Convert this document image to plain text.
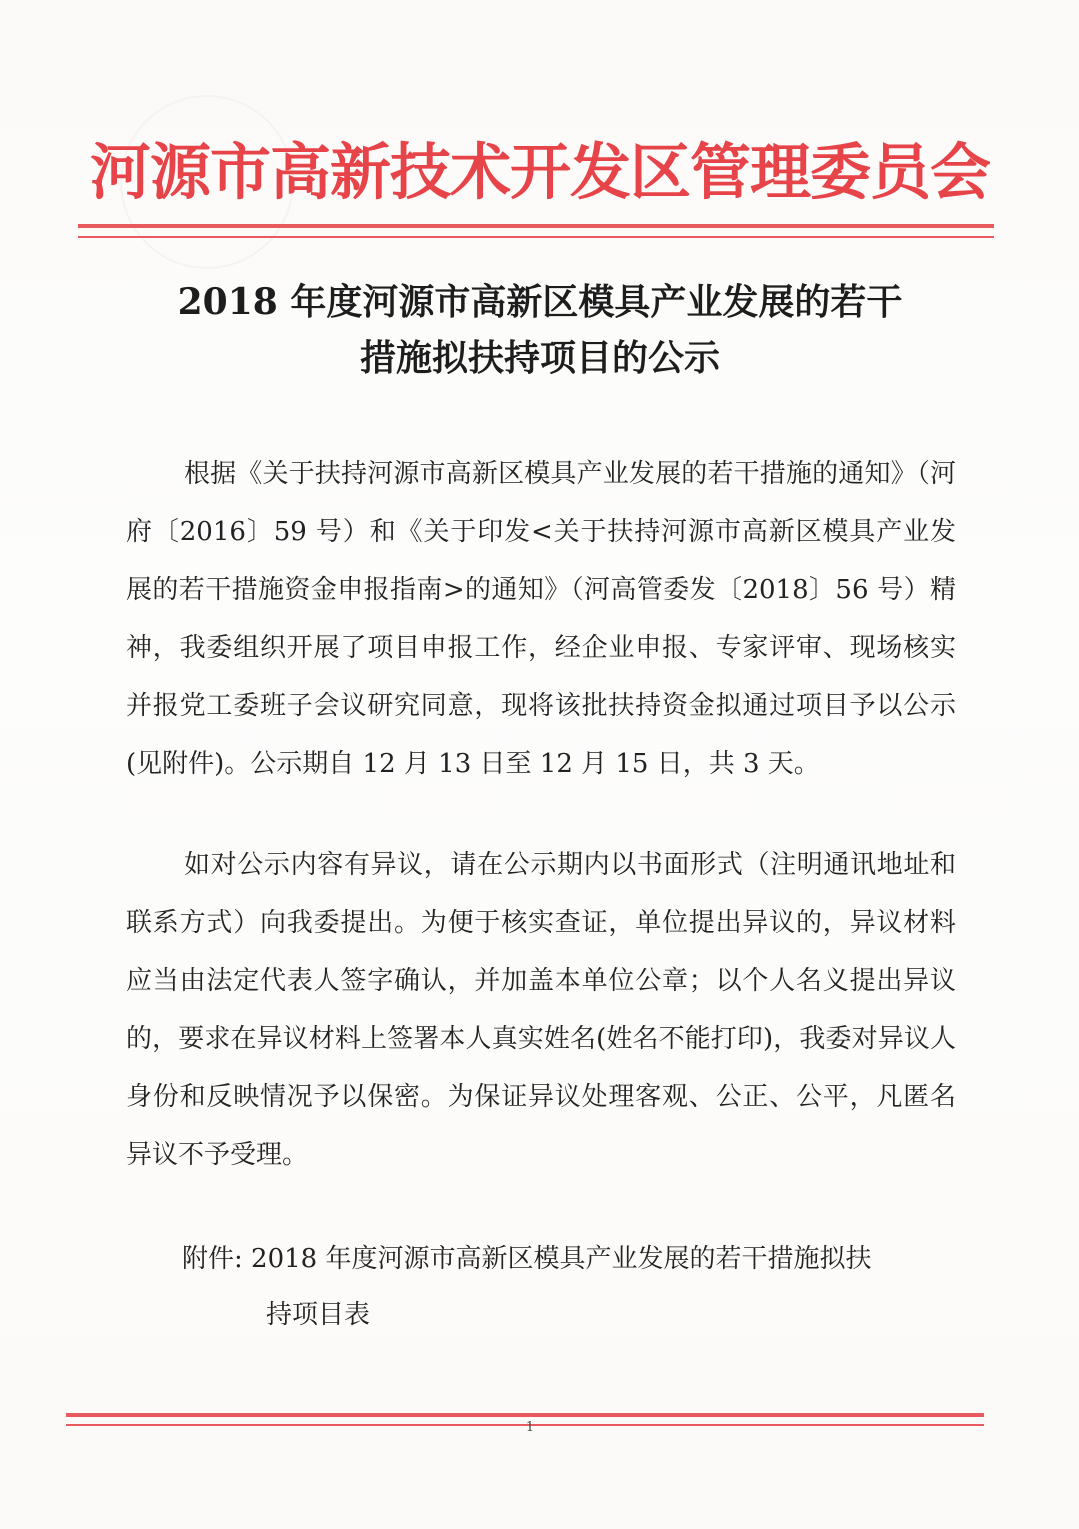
河源市高新技术开发区管理委员会
2018 年度河源市高新区模具产业发展的若干
措施拟扶持项目的公示
根据《关于扶持河源市高新区模具产业发展的若干措施的通知》（河府〔2016〕59 号）和《关于印发<关于扶持河源市高新区模具产业发展的若干措施资金申报指南>的通知》（河高管委发〔2018〕56 号）精神，我委组织开展了项目申报工作，经企业申报、专家评审、现场核实并报党工委班子会议研究同意，现将该批扶持资金拟通过项目予以公示(见附件)。公示期自 12 月 13 日至 12 月 15 日，共 3 天。
如对公示内容有异议，请在公示期内以书面形式（注明通讯地址和联系方式）向我委提出。为便于核实查证，单位提出异议的，异议材料应当由法定代表人签字确认，并加盖本单位公章；以个人名义提出异议的，要求在异议材料上签署本人真实姓名(姓名不能打印)，我委对异议人身份和反映情况予以保密。为保证异议处理客观、公正、公平，凡匿名异议不予受理。
附件: 2018 年度河源市高新区模具产业发展的若干措施拟扶
持项目表
1
